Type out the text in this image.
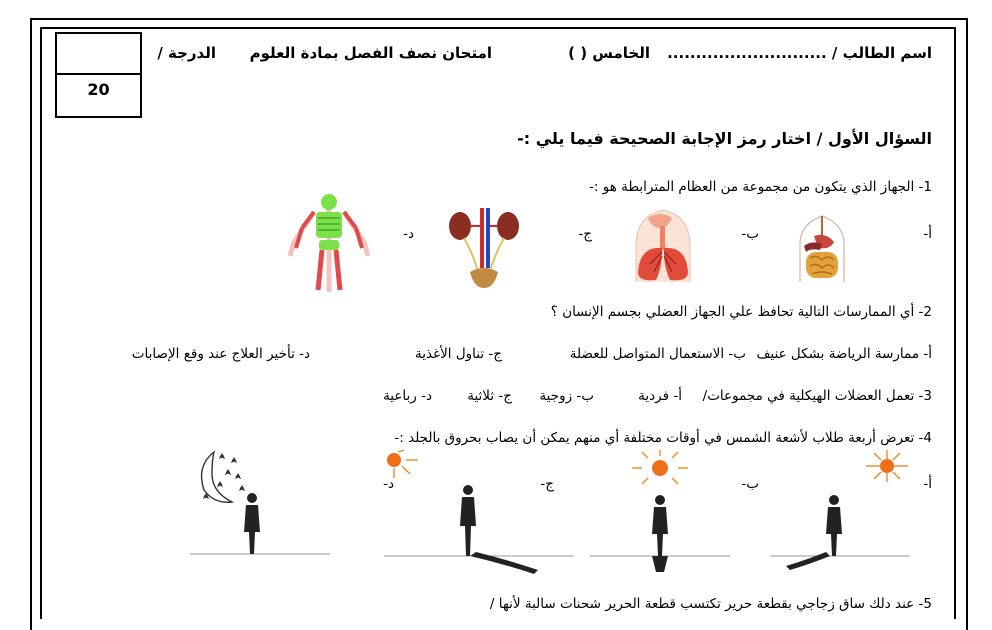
20
اسم الطالب / ............................
الخامس ( )
امتحان نصف الفصل بمادة العلوم
الدرجة /
السؤال الأول / اختار رمز الإجابة الصحيحة فيما يلي :-
1- الجهاز الذي يتكون من مجموعة من العظام المترابطة هو :-
أ-
ب-
ج-
د-
2- أي الممارسات التالية تحافظ علي الجهاز العضلي بجسم الإنسان ؟
أ- ممارسة الرياضة بشكل عنيف
ب- الاستعمال المتواصل للعضلة
ج- تناول الأغذية
د- تأخير العلاج عند وقع الإصابات
3- تعمل العضلات الهيكلية في مجموعات/
أ- فردية
ب- زوجية
ج- ثلاثية
د- رباعية
4- تعرض أربعة طلاب لأشعة الشمس في أوقات مختلفة أي منهم يمكن أن يصاب بحروق بالجلد :-
أ-
ب-
ج-
د-
5- عند دلك ساق زجاجي بقطعة حرير تكتسب قطعة الحرير شحنات سالبة لأنها /
